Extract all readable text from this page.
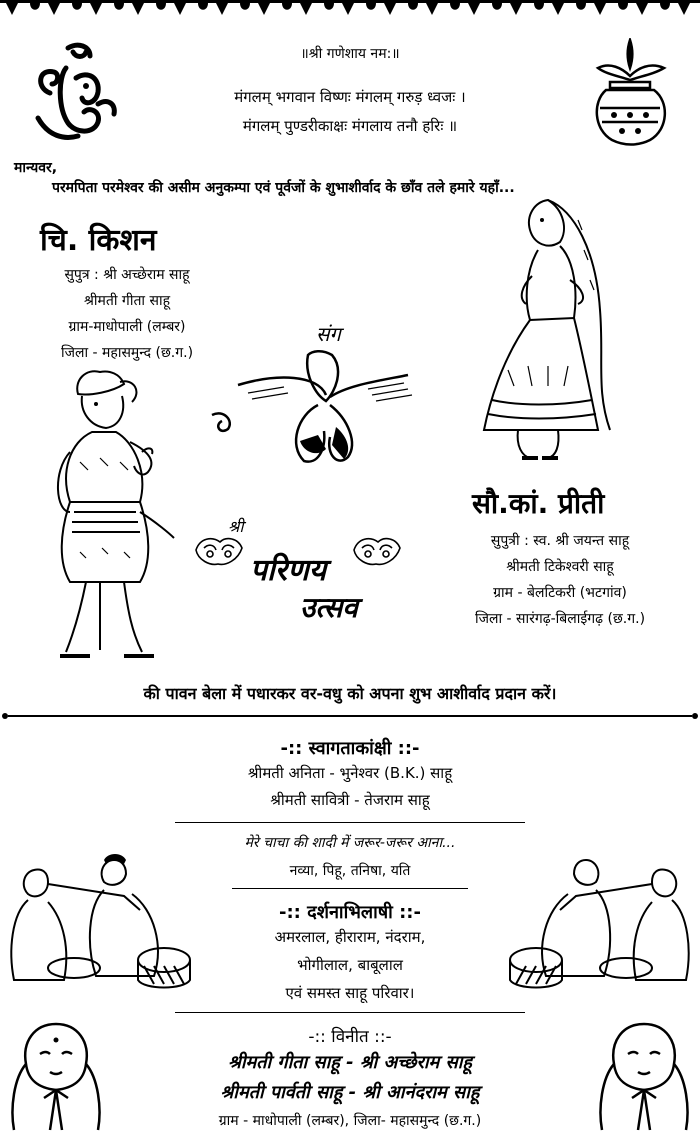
॥श्री गणेशाय नम:॥
मंगलम् भगवान विष्णः मंगलम् गरुड़ ध्वजः ।
मंगलम् पुण्डरीकाक्षः मंगलाय तनौ हरिः ॥
मान्यवर,
परमपिता परमेश्वर की असीम अनुकम्पा एवं पूर्वजों के शुभाशीर्वाद के छाँव तले हमारे यहाँ...
चि. किशन
सुपुत्र : श्री अच्छेराम साहू
श्रीमती गीता साहू
ग्राम-माधोपाली (लम्बर)
जिला - महासमुन्द (छ.ग.)
संग
सौ.कां. प्रीती
सुपुत्री : स्व. श्री जयन्त साहू
श्रीमती टिकेश्वरी साहू
ग्राम - बेलटिकरी (भटगांव)
जिला - सारंगढ़-बिलाईगढ़ (छ.ग.)
श्री
परिणय
उत्सव
की पावन बेला में पधारकर वर-वधु को अपना शुभ आशीर्वाद प्रदान करें।
-:: स्वागताकांक्षी ::-
श्रीमती अनिता - भुनेश्वर (B.K.) साहू
श्रीमती सावित्री - तेजराम साहू
मेरे चाचा की शादी में जरूर-जरूर आना...
नव्या, पिहू, तनिषा, यति
-:: दर्शनाभिलाषी ::-
अमरलाल, हीराराम, नंदराम,
भोगीलाल, बाबूलाल
एवं समस्त साहू परिवार।
-:: विनीत ::-
श्रीमती गीता साहू - श्री अच्छेराम साहू
श्रीमती पार्वती साहू - श्री आनंदराम साहू
ग्राम - माधोपाली (लम्बर), जिला- महासमुन्द (छ.ग.)
